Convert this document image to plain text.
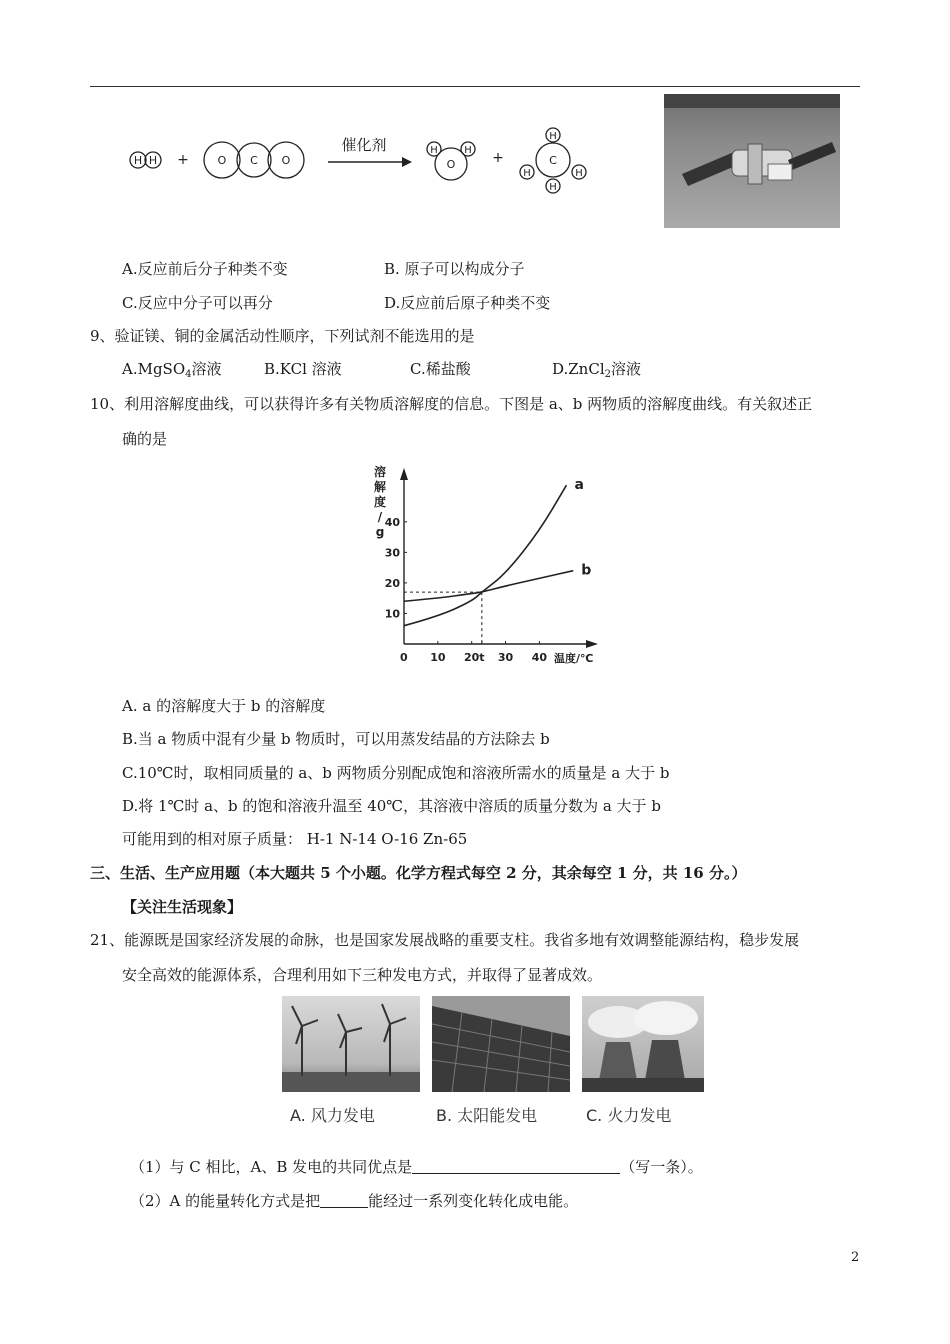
H H +	O C O
催化剂	H
O
H +
H
H
C
H
H
A.反应前后分子种类不变	B. 原子可以构成分子
C.反应中分子可以再分	D.反应前后原子种类不变
9、验证镁、铜的金属活动性顺序，下列试剂不能选用的是
A.MgSO$_4$溶液	B.KCl 溶液	C.稀盐酸	D.ZnCl$_2$溶液
10、利用溶解度曲线，可以获得许多有关物质溶解度的信息。下图是 a、b 两物质的溶解度曲线。有关叙述正
确的是
溶
解
度
/
g
0 10 20 t 30 40
10
20
30
40
a
b
温度/℃
A. a 的溶解度大于 b 的溶解度
B.当 a 物质中混有少量 b 物质时，可以用蒸发结晶的方法除去 b
C.10℃时，取相同质量的 a、b 两物质分别配成饱和溶液所需水的质量是 a 大于 b
D.将 1℃时 a、b 的饱和溶液升温至 40℃，其溶液中溶质的质量分数为 a 大于 b
可能用到的相对原子质量： H-1 N-14 O-16 Zn-65
三、生活、生产应用题（本大题共 5 个小题。化学方程式每空 2 分，其余每空 1 分，共 16 分。）
【关注生活现象】
21、能源既是国家经济发展的命脉，也是国家发展战略的重要支柱。我省多地有效调整能源结构，稳步发展
安全高效的能源体系，合理利用如下三种发电方式，并取得了显著成效。
A. 风力发电	B. 太阳能发电	C. 火力发电
（1）与 C 相比，A、B 发电的共同优点是	（写一条）。
（2）A 的能量转化方式是把	能经过一系列变化转化成电能。
2
